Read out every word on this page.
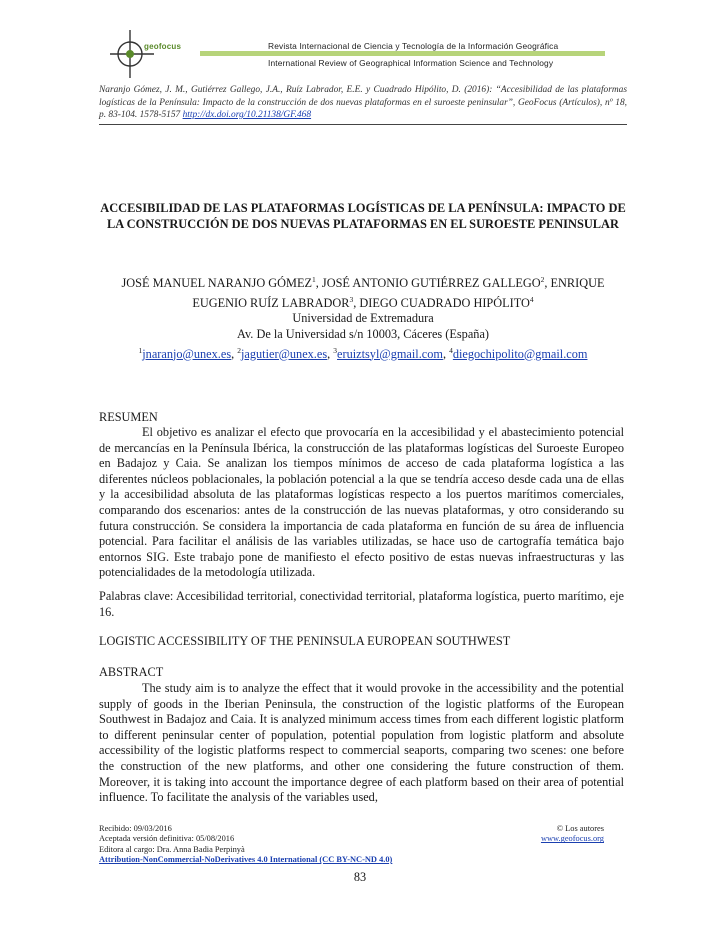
geofocus	Revista Internacional de Ciencia y Tecnología de la Información Geográfica
International Review of Geographical Information Science and Technology
Naranjo Gómez, J. M., Gutiérrez Gallego, J.A., Ruíz Labrador, E.E. y Cuadrado Hipólito, D. (2016): “Accesibilidad de las plataformas logísticas de la Península: Impacto de la construcción de dos nuevas plataformas en el suroeste peninsular”, GeoFocus (Artículos), nº 18, p. 83-104. 1578-5157 http://dx.doi.org/10.21138/GF.468
ACCESIBILIDAD DE LAS PLATAFORMAS LOGÍSTICAS DE LA PENÍNSULA: IMPACTO DE LA CONSTRUCCIÓN DE DOS NUEVAS PLATAFORMAS EN EL SUROESTE PENINSULAR
JOSÉ MANUEL NARANJO GÓMEZ$^1$, JOSÉ ANTONIO GUTIÉRREZ GALLEGO$^2$, ENRIQUE EUGENIO RUÍZ LABRADOR$^3$, DIEGO CUADRADO HIPÓLITO$^4$
Universidad de Extremadura
Av. De la Universidad s/n 10003, Cáceres (España)
$^1$jnaranjo@unex.es, $^2$jagutier@unex.es, $^3$eruiztsyl@gmail.com, $^4$diegochipolito@gmail.com
RESUMEN
El objetivo es analizar el efecto que provocaría en la accesibilidad y el abastecimiento potencial de mercancías en la Península Ibérica, la construcción de las plataformas logísticas del Suroeste Europeo en Badajoz y Caia. Se analizan los tiempos mínimos de acceso de cada plataforma logística a las diferentes núcleos poblacionales, la población potencial a la que se tendría acceso desde cada una de ellas y la accesibilidad absoluta de las plataformas logísticas respecto a los puertos marítimos comerciales, comparando dos escenarios: antes de la construcción de las nuevas plataformas, y otro considerando su futura construcción. Se considera la importancia de cada plataforma en función de su área de influencia potencial. Para facilitar el análisis de las variables utilizadas, se hace uso de cartografía temática bajo entornos SIG. Este trabajo pone de manifiesto el efecto positivo de estas nuevas infraestructuras y las potencialidades de la metodología utilizada.
Palabras clave: Accesibilidad territorial, conectividad territorial, plataforma logística, puerto marítimo, eje 16.
LOGISTIC ACCESSIBILITY OF THE PENINSULA EUROPEAN SOUTHWEST
ABSTRACT
The study aim is to analyze the effect that it would provoke in the accessibility and the potential supply of goods in the Iberian Peninsula, the construction of the logistic platforms of the European Southwest in Badajoz and Caia. It is analyzed minimum access times from each different logistic platform to different peninsular center of population, potential population from logistic platform and absolute accessibility of the logistic platforms respect to commercial seaports, comparing two scenes: one before the construction of the new platforms, and other one considering the future construction of them. Moreover, it is taking into account the importance degree of each platform based on their area of potential influence. To facilitate the analysis of the variables used,
Recibido: 09/03/2016
Aceptada versión definitiva: 05/08/2016
Editora al cargo: Dra. Anna Badia Perpinyà
Attribution-NonCommercial-NoDerivatives 4.0 International (CC BY-NC-ND 4.0)
© Los autores
www.geofocus.org
83
